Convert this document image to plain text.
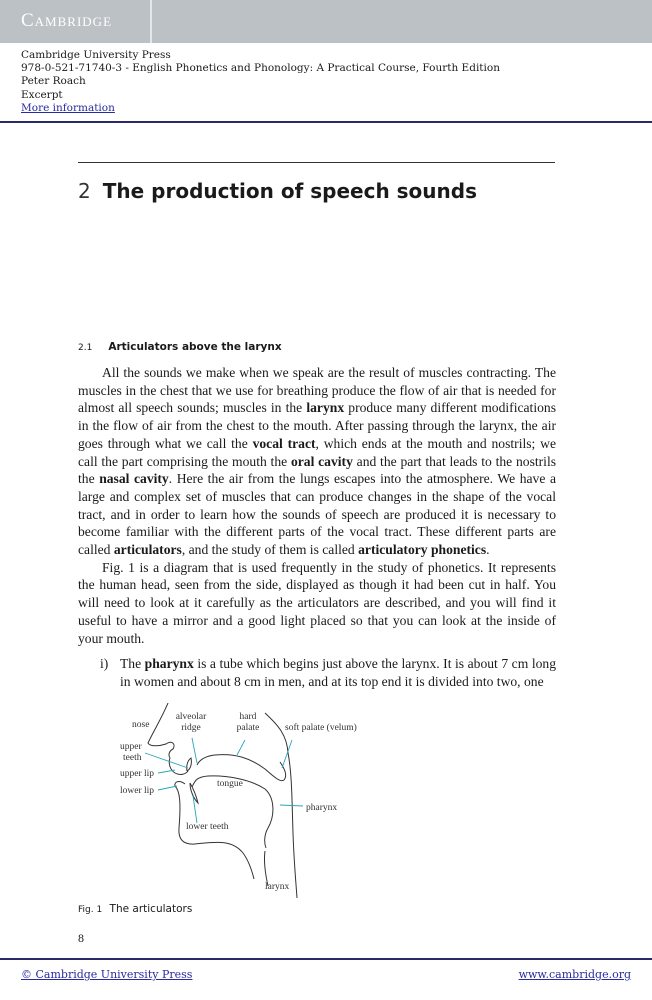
Cambridge
Cambridge University Press
978-0-521-71740-3 - English Phonetics and Phonology: A Practical Course, Fourth Edition
Peter Roach
Excerpt
More information
2 The production of speech sounds
2.1 Articulators above the larynx

All the sounds we make when we speak are the result of muscles contracting. The muscles in the chest that we use for breathing produce the flow of air that is needed for almost all speech sounds; muscles in the larynx produce many different modifications in the flow of air from the chest to the mouth. After passing through the larynx, the air goes through what we call the vocal tract, which ends at the mouth and nostrils; we call the part comprising the mouth the oral cavity and the part that leads to the nostrils the nasal cavity. Here the air from the lungs escapes into the atmosphere. We have a large and complex set of muscles that can produce changes in the shape of the vocal tract, and in order to learn how the sounds of speech are produced it is necessary to become familiar with the different parts of the vocal tract. These different parts are called articulators, and the study of them is called articulatory phonetics.

Fig. 1 is a diagram that is used frequently in the study of phonetics. It represents the human head, seen from the side, displayed as though it had been cut in half. You will need to look at it carefully as the articulators are described, and you will find it useful to have a mirror and a good light placed so that you can look at the inside of your mouth.

i) The pharynx is a tube which begins just above the larynx. It is about 7 cm long in women and about 8 cm in men, and at its top end it is divided into two, one
nose
alveolar
ridge
hard
palate	soft palate (velum)
upper
teeth
upper lip
lower lip
tongue
lower teeth
pharynx
larynx
Fig. 1 The articulators
8
© Cambridge University Press	www.cambridge.org
